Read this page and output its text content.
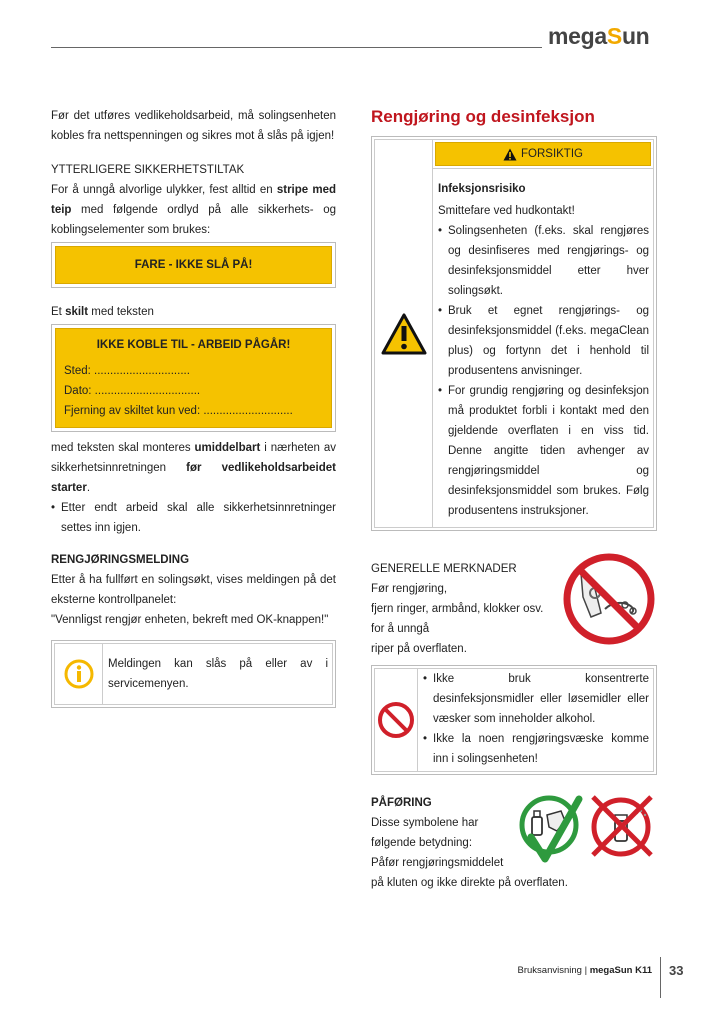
megaSun

Før det utføres vedlikeholdsarbeid, må solingsenheten kobles fra nettspenningen og sikres mot å slås på igjen!

YTTERLIGERE SIKKERHETSTILTAK

For å unngå alvorlige ulykker, fest alltid en stripe med teip med følgende ordlyd på alle sikkerhets- og koblingselementer som brukes:

FARE - IKKE SLÅ PÅ!

Et skilt med teksten

IKKE KOBLE TIL - ARBEID PÅGÅR!
Sted: ..............................
Dato: .................................
Fjerning av skiltet kun ved: ............................

med teksten skal monteres umiddelbart i nærheten av sikkerhetsinnretningen før vedlikeholdsarbeidet starter.

• Etter endt arbeid skal alle sikkerhetsinnretninger settes inn igjen.

RENGJØRINGSMELDING

Etter å ha fullført en solingsøkt, vises meldingen på det eksterne kontrollpanelet:

"Vennligst rengjør enheten, bekreft med OK-knappen!"

Meldingen kan slås på eller av i servicemenyen.
Rengjøring og desinfeksjon
FORSIKTIG

Infeksjonsrisiko

Smittefare ved hudkontakt!

• Solingsenheten (f.eks. skal rengjøres og desinfiseres med rengjørings- og desinfeksjonsmiddel etter hver solingsøkt.
• Bruk et egnet rengjørings- og desinfeksjonsmiddel (f.eks. megaClean plus) og fortynn det i henhold til produsentens anvisninger.
• For grundig rengjøring og desinfeksjon må produktet forbli i kontakt med den gjeldende overflaten i en viss tid. Denne angitte tiden avhenger av rengjøringsmiddel og desinfeksjonsmiddel som brukes. Følg produsentens instruksjoner.

GENERELLE MERKNADER

Før rengjøring,

fjern ringer, armbånd, klokker osv.

for å unngå

riper på overflaten.

• Ikke bruk konsentrerte desinfeksjonsmidler eller løsemidler eller væsker som inneholder alkohol.
• Ikke la noen rengjøringsvæske komme inn i solingsenheten!

PÅFØRING

Disse symbolene har

følgende betydning:

Påfør rengjøringsmiddelet

på kluten og ikke direkte på overflaten.

Bruksanvisning | megaSun K11 33
